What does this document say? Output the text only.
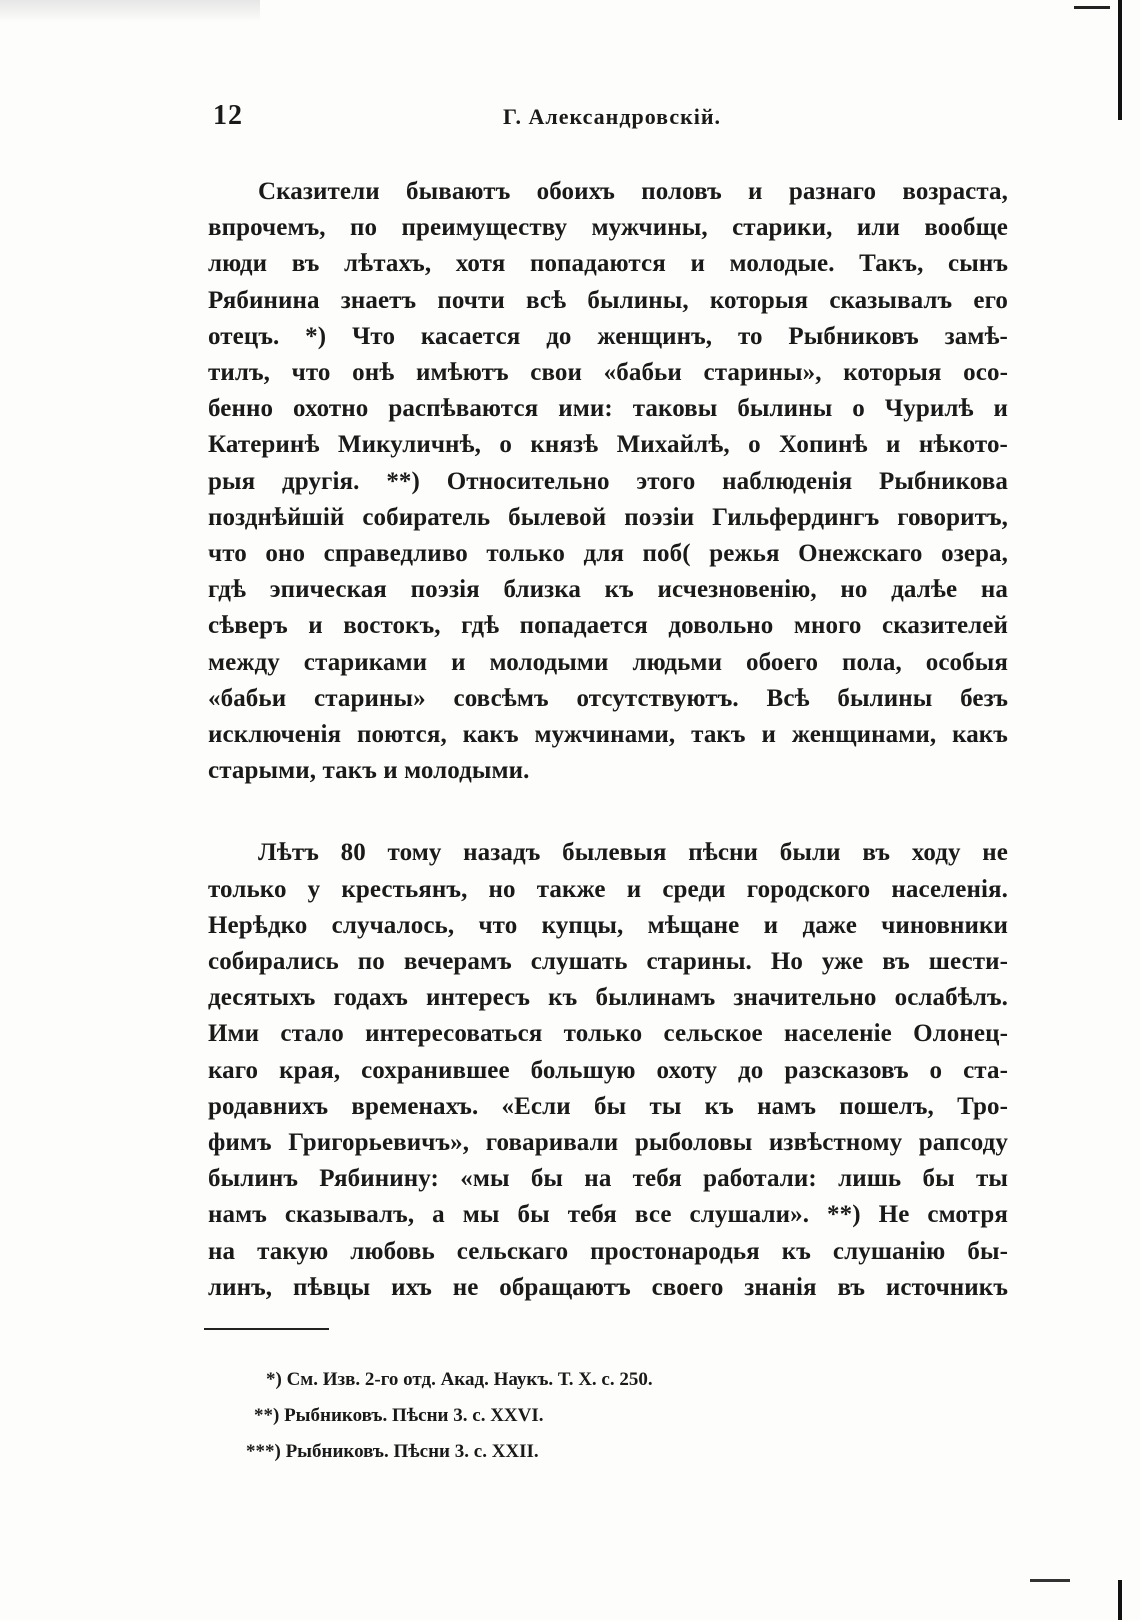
12	Г. Александровскій.

Сказители бываютъ обоихъ половъ и разнаго возраста,
впрочемъ, по преимуществу мужчины, старики, или вообще
люди въ лѣтахъ, хотя попадаются и молодые. Такъ, сынъ
Рябинина знаетъ почти всѣ былины, которыя сказывалъ его
отецъ. *) Что касается до женщинъ, то Рыбниковъ замѣ-
тилъ, что онѣ имѣютъ свои «бабьи старины», которыя осо-
бенно охотно распѣваются ими: таковы былины о Чурилѣ и
Катеринѣ Микуличнѣ, о князѣ Михайлѣ, о Хопинѣ и нѣкото-
рыя другія. **) Относительно этого наблюденія Рыбникова
позднѣйшій собиратель былевой поэзіи Гильфердингъ говоритъ,
что оно справедливо только для поб( режья Онежскаго озера,
гдѣ эпическая поэзія близка къ исчезновенію, но далѣе на
сѣверъ и востокъ, гдѣ попадается довольно много сказителей
между стариками и молодыми людьми обоего пола, особыя
«бабьи старины» совсѣмъ отсутствуютъ. Всѣ былины безъ
исключенія поются, какъ мужчинами, такъ и женщинами, какъ
старыми, такъ и молодыми.

Лѣтъ 80 тому назадъ былевыя пѣсни были въ ходу не
только у крестьянъ, но также и среди городского населенія.
Нерѣдко случалось, что купцы, мѣщане и даже чиновники
собирались по вечерамъ слушать старины. Но уже въ шести-
десятыхъ годахъ интересъ къ былинамъ значительно ослабѣлъ.
Ими стало интересоваться только сельское населеніе Олонец-
каго края, сохранившее большую охоту до разсказовъ о ста-
родавнихъ временахъ. «Если бы ты къ намъ пошелъ, Тро-
фимъ Григорьевичъ», говаривали рыболовы извѣстному рапсоду
былинъ Рябинину: «мы бы на тебя работали: лишь бы ты
намъ сказывалъ, а мы бы тебя все слушали». **) Не смотря
на такую любовь сельскаго простонародья къ слушанію бы-
линъ, пѣвцы ихъ не обращаютъ своего знанія въ источникъ

*) См. Изв. 2-го отд. Акад. Наукъ. Т. X. с. 250.
**) Рыбниковъ. Пѣсни 3. с. XXVI.
***) Рыбниковъ. Пѣсни 3. с. XXII.
